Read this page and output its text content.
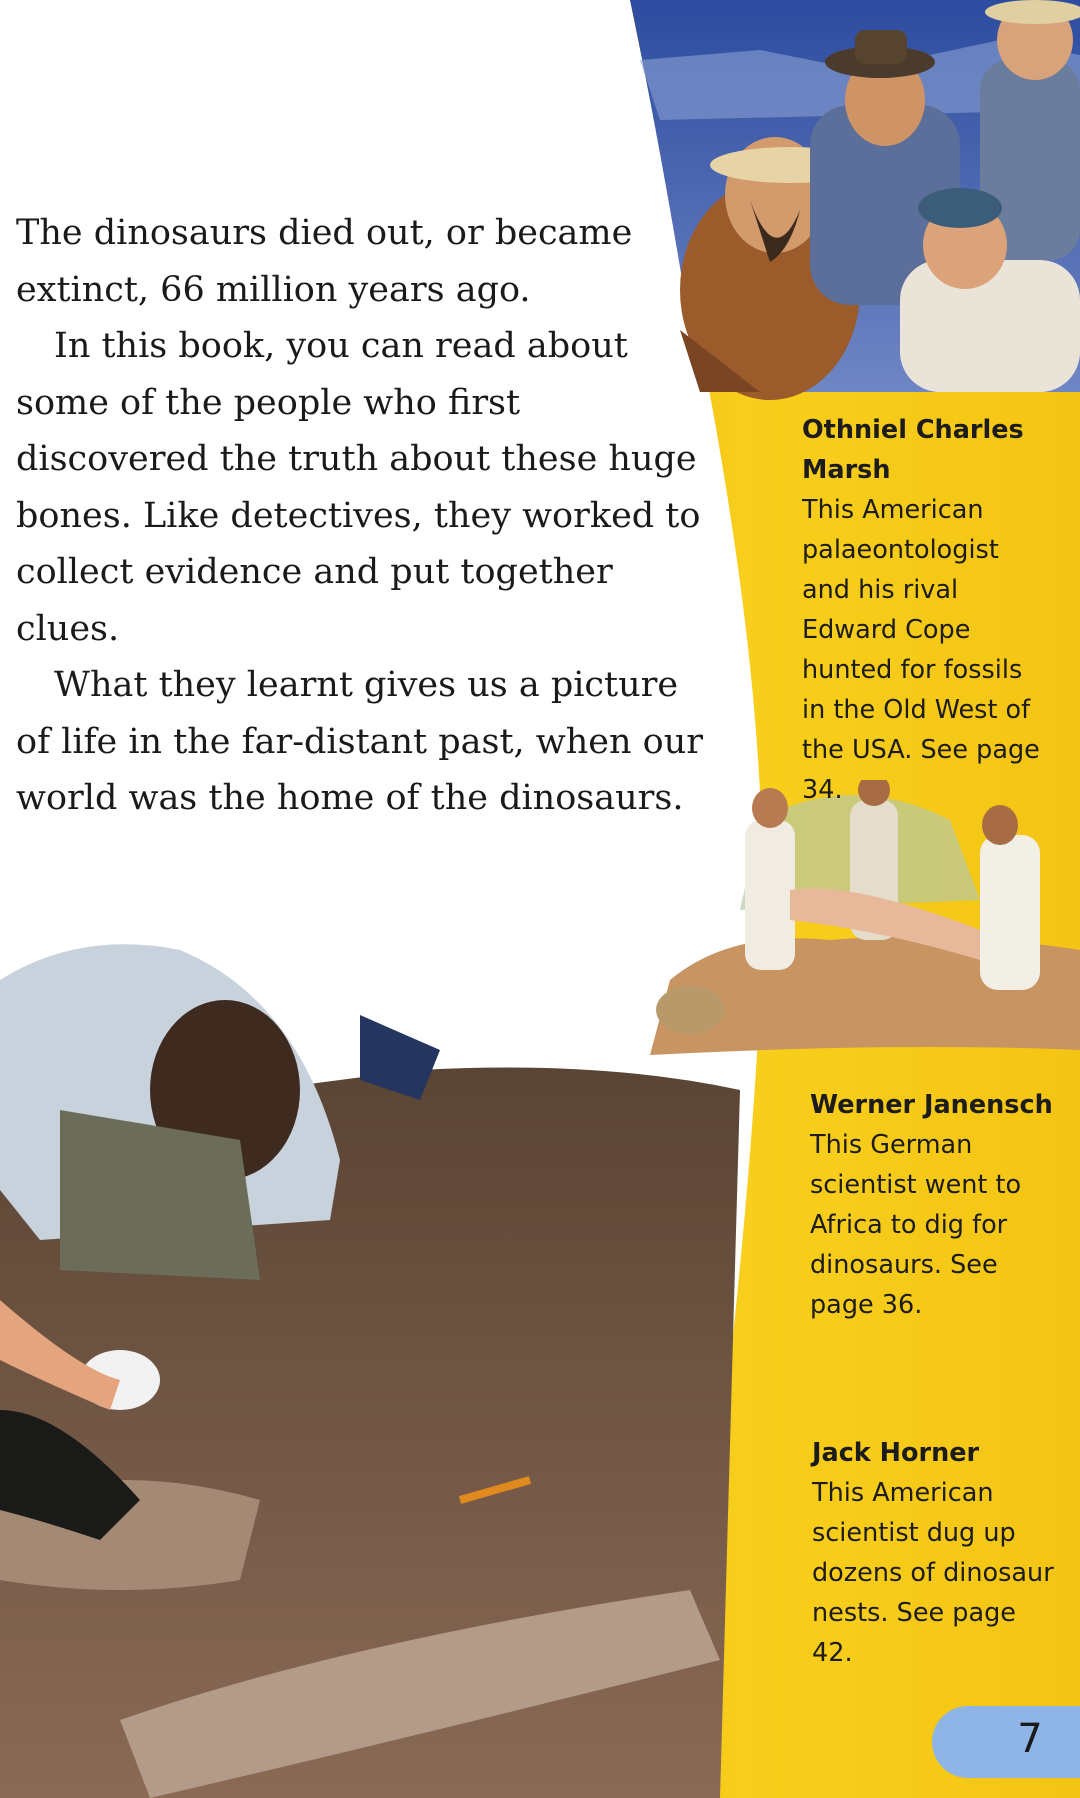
The dinosaurs died out, or became extinct, 66 million years ago.

In this book, you can read about some of the people who first discovered the truth about these huge bones. Like detectives, they worked to collect evidence and put together clues.

What they learnt gives us a picture of life in the far-distant past, when our world was the home of the dinosaurs.

Othniel Charles Marsh
This American palaeontologist and his rival Edward Cope hunted for fossils in the Old West of the USA. See page 34.
Werner Janensch
This German scientist went to Africa to dig for dinosaurs. See page 36.
Jack Horner
This American scientist dug up dozens of dinosaur nests. See page 42.
7
